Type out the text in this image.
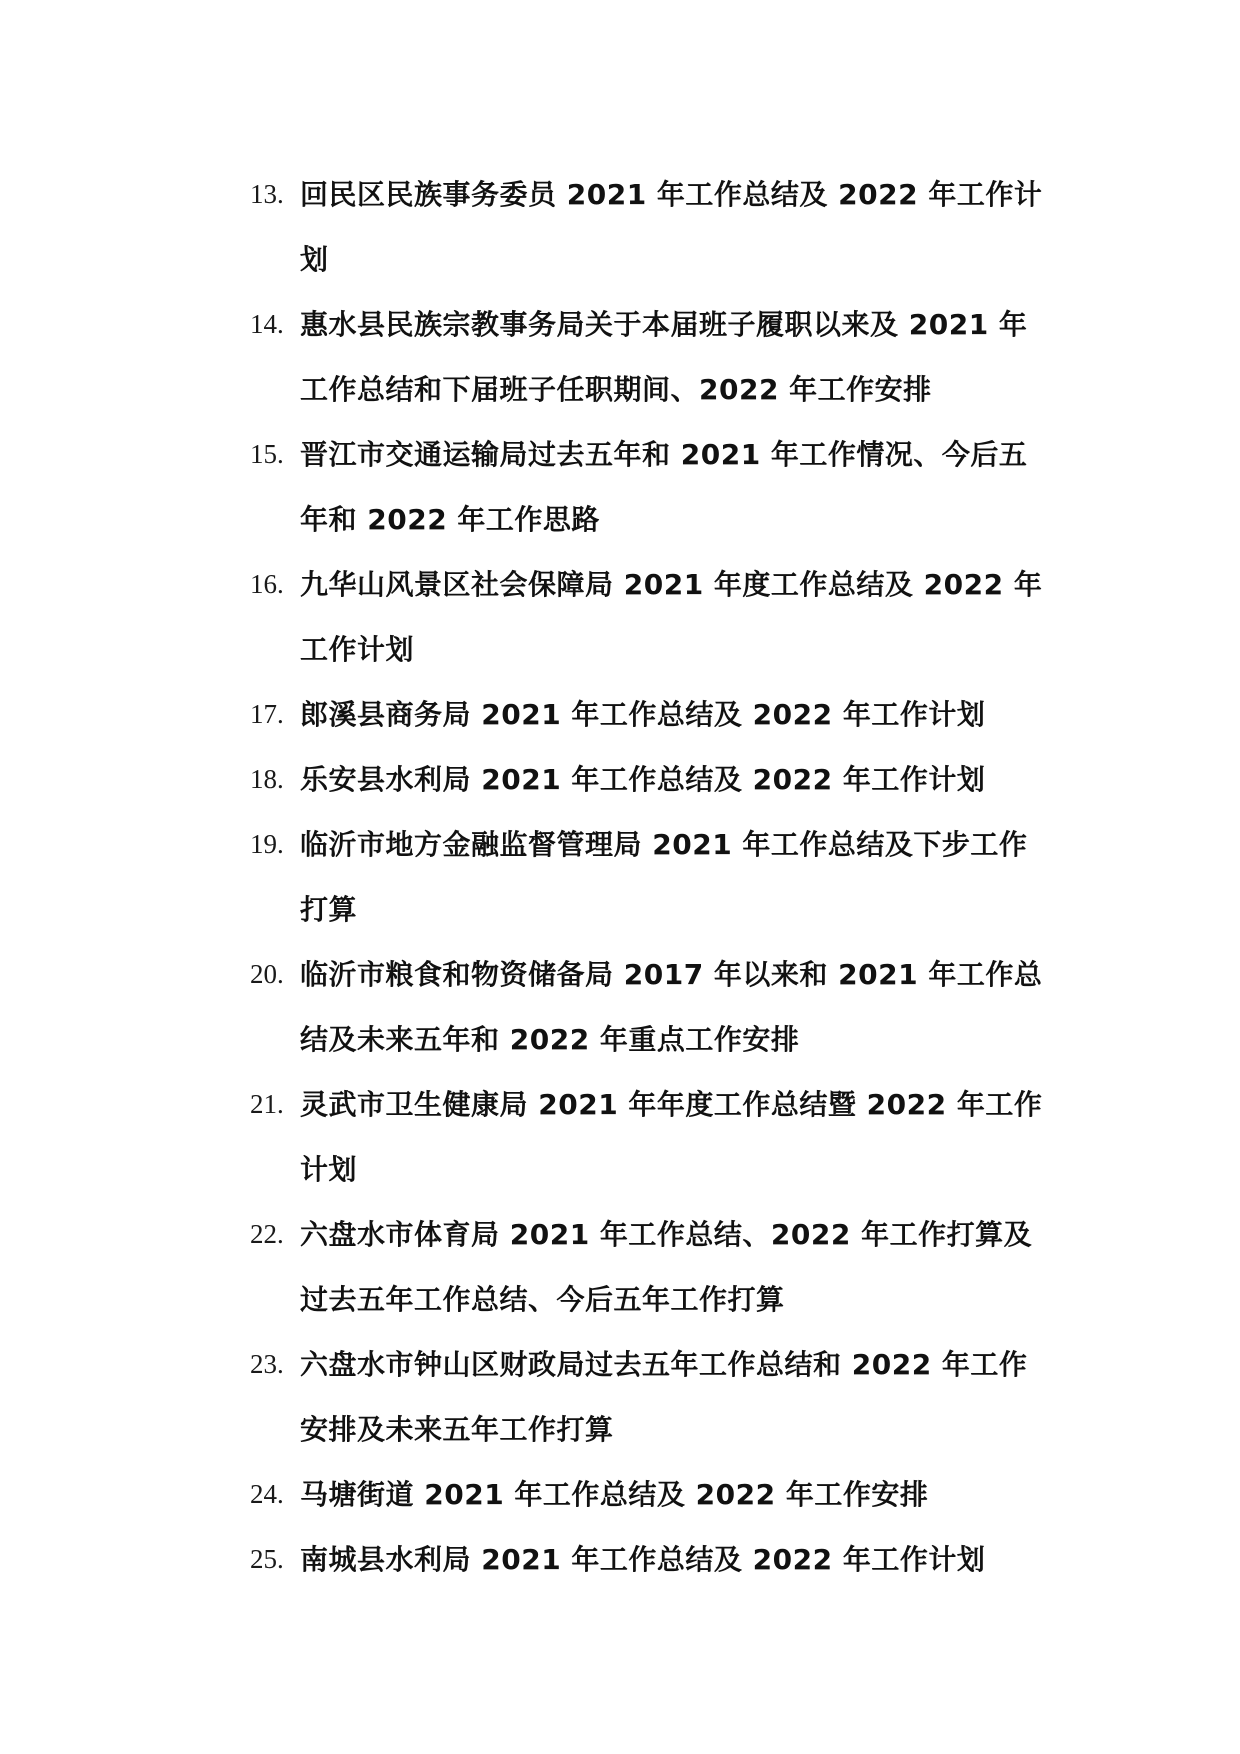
13. 回民区民族事务委员 2021 年工作总结及 2022 年工作计划
14. 惠水县民族宗教事务局关于本届班子履职以来及 2021 年工作总结和下届班子任职期间、2022 年工作安排
15. 晋江市交通运输局过去五年和 2021 年工作情况、今后五年和 2022 年工作思路
16. 九华山风景区社会保障局 2021 年度工作总结及 2022 年工作计划
17. 郎溪县商务局 2021 年工作总结及 2022 年工作计划
18. 乐安县水利局 2021 年工作总结及 2022 年工作计划
19. 临沂市地方金融监督管理局 2021 年工作总结及下步工作打算
20. 临沂市粮食和物资储备局 2017 年以来和 2021 年工作总结及未来五年和 2022 年重点工作安排
21. 灵武市卫生健康局 2021 年年度工作总结暨 2022 年工作计划
22. 六盘水市体育局 2021 年工作总结、2022 年工作打算及过去五年工作总结、今后五年工作打算
23. 六盘水市钟山区财政局过去五年工作总结和 2022 年工作安排及未来五年工作打算
24. 马塘街道 2021 年工作总结及 2022 年工作安排
25. 南城县水利局 2021 年工作总结及 2022 年工作计划
